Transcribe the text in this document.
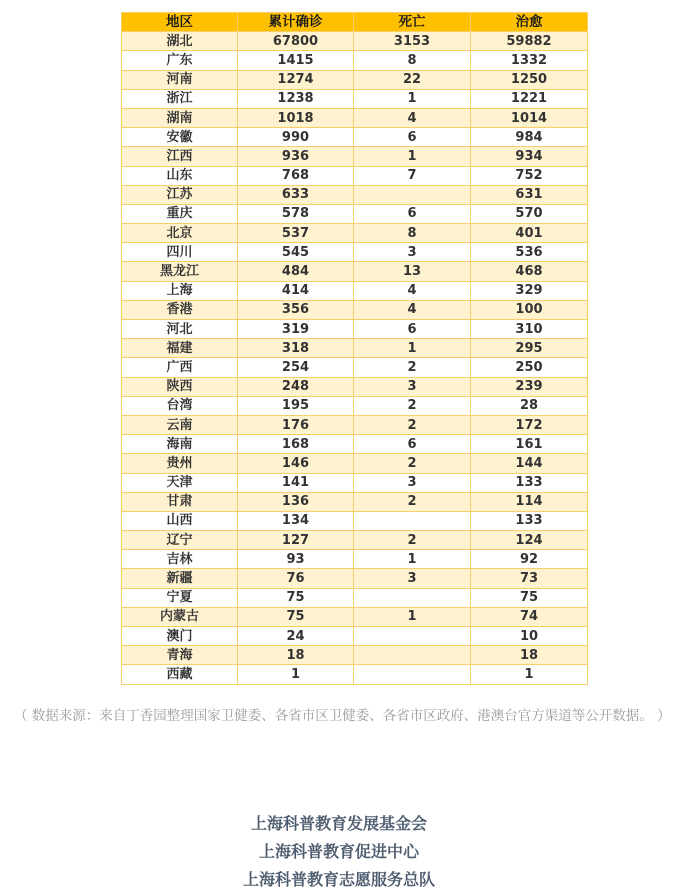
地区	累计确诊	死亡	治愈
湖北	67800	3153	59882
广东	1415	8	1332
河南	1274	22	1250
浙江	1238	1	1221
湖南	1018	4	1014
安徽	990	6	984
江西	936	1	934
山东	768	7	752
江苏	633		631
重庆	578	6	570
北京	537	8	401
四川	545	3	536
黑龙江	484	13	468
上海	414	4	329
香港	356	4	100
河北	319	6	310
福建	318	1	295
广西	254	2	250
陕西	248	3	239
台湾	195	2	28
云南	176	2	172
海南	168	6	161
贵州	146	2	144
天津	141	3	133
甘肃	136	2	114
山西	134		133
辽宁	127	2	124
吉林	93	1	92
新疆	76	3	73
宁夏	75		75
内蒙古	75	1	74
澳门	24		10
青海	18		18
西藏	1		1
（ 数据来源：来自丁香园整理国家卫健委、各省市区卫健委、各省市区政府、港澳台官方渠道等公开数据。 ）
上海科普教育发展基金会
上海科普教育促进中心
上海科普教育志愿服务总队
